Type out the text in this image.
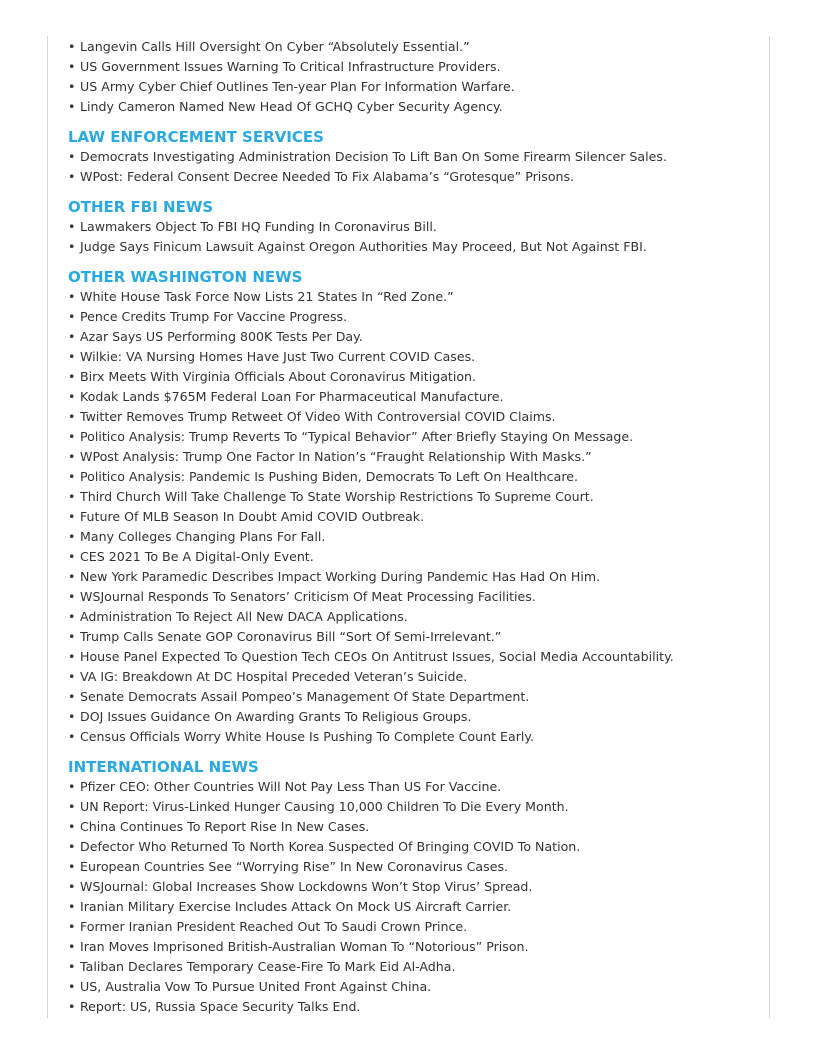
• Langevin Calls Hill Oversight On Cyber “Absolutely Essential.”
• US Government Issues Warning To Critical Infrastructure Providers.
• US Army Cyber Chief Outlines Ten-year Plan For Information Warfare.
• Lindy Cameron Named New Head Of GCHQ Cyber Security Agency.
LAW ENFORCEMENT SERVICES
• Democrats Investigating Administration Decision To Lift Ban On Some Firearm Silencer Sales.
• WPost: Federal Consent Decree Needed To Fix Alabama’s “Grotesque” Prisons.
OTHER FBI NEWS
• Lawmakers Object To FBI HQ Funding In Coronavirus Bill.
• Judge Says Finicum Lawsuit Against Oregon Authorities May Proceed, But Not Against FBI.
OTHER WASHINGTON NEWS
• White House Task Force Now Lists 21 States In “Red Zone.”
• Pence Credits Trump For Vaccine Progress.
• Azar Says US Performing 800K Tests Per Day.
• Wilkie: VA Nursing Homes Have Just Two Current COVID Cases.
• Birx Meets With Virginia Officials About Coronavirus Mitigation.
• Kodak Lands $765M Federal Loan For Pharmaceutical Manufacture.
• Twitter Removes Trump Retweet Of Video With Controversial COVID Claims.
• Politico Analysis: Trump Reverts To “Typical Behavior” After Briefly Staying On Message.
• WPost Analysis: Trump One Factor In Nation’s “Fraught Relationship With Masks.”
• Politico Analysis: Pandemic Is Pushing Biden, Democrats To Left On Healthcare.
• Third Church Will Take Challenge To State Worship Restrictions To Supreme Court.
• Future Of MLB Season In Doubt Amid COVID Outbreak.
• Many Colleges Changing Plans For Fall.
• CES 2021 To Be A Digital-Only Event.
• New York Paramedic Describes Impact Working During Pandemic Has Had On Him.
• WSJournal Responds To Senators’ Criticism Of Meat Processing Facilities.
• Administration To Reject All New DACA Applications.
• Trump Calls Senate GOP Coronavirus Bill “Sort Of Semi-Irrelevant.”
• House Panel Expected To Question Tech CEOs On Antitrust Issues, Social Media Accountability.
• VA IG: Breakdown At DC Hospital Preceded Veteran’s Suicide.
• Senate Democrats Assail Pompeo’s Management Of State Department.
• DOJ Issues Guidance On Awarding Grants To Religious Groups.
• Census Officials Worry White House Is Pushing To Complete Count Early.
INTERNATIONAL NEWS
• Pfizer CEO: Other Countries Will Not Pay Less Than US For Vaccine.
• UN Report: Virus-Linked Hunger Causing 10,000 Children To Die Every Month.
• China Continues To Report Rise In New Cases.
• Defector Who Returned To North Korea Suspected Of Bringing COVID To Nation.
• European Countries See “Worrying Rise” In New Coronavirus Cases.
• WSJournal: Global Increases Show Lockdowns Won’t Stop Virus’ Spread.
• Iranian Military Exercise Includes Attack On Mock US Aircraft Carrier.
• Former Iranian President Reached Out To Saudi Crown Prince.
• Iran Moves Imprisoned British-Australian Woman To “Notorious” Prison.
• Taliban Declares Temporary Cease-Fire To Mark Eid Al-Adha.
• US, Australia Vow To Pursue United Front Against China.
• Report: US, Russia Space Security Talks End.
